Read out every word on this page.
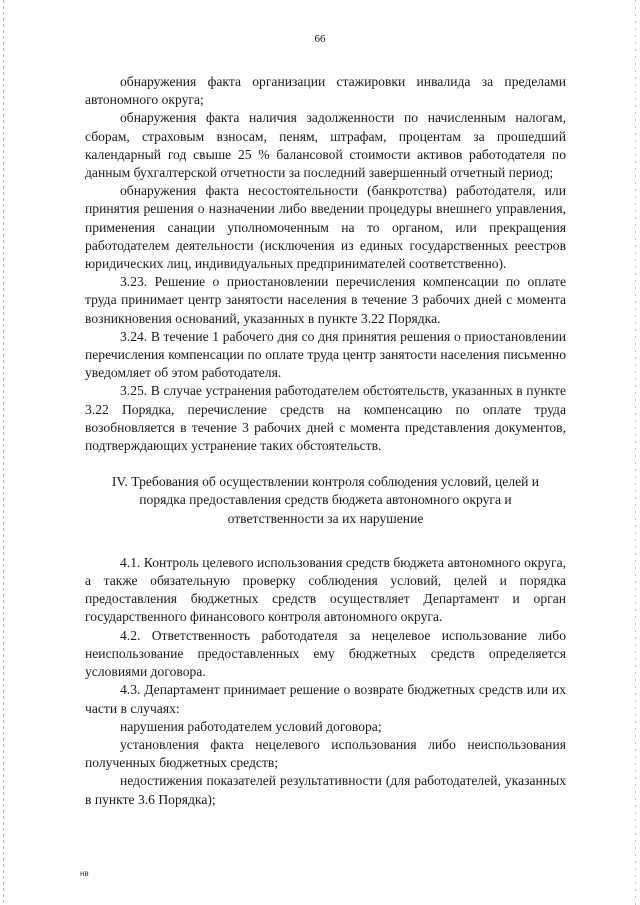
66

обнаружения факта организации стажировки инвалида за пределами автономного округа;

обнаружения факта наличия задолженности по начисленным налогам, сборам, страховым взносам, пеням, штрафам, процентам за прошедший календарный год свыше 25 % балансовой стоимости активов работодателя по данным бухгалтерской отчетности за последний завершенный отчетный период;

обнаружения факта несостоятельности (банкротства) работодателя, или принятия решения о назначении либо введении процедуры внешнего управления, применения санации уполномоченным на то органом, или прекращения работодателем деятельности (исключения из единых государственных реестров юридических лиц, индивидуальных предпринимателей соответственно).

3.23. Решение о приостановлении перечисления компенсации по оплате труда принимает центр занятости населения в течение 3 рабочих дней с момента возникновения оснований, указанных в пункте 3.22 Порядка.

3.24. В течение 1 рабочего дня со дня принятия решения о приостановлении перечисления компенсации по оплате труда центр занятости населения письменно уведомляет об этом работодателя.

3.25. В случае устранения работодателем обстоятельств, указанных в пункте 3.22 Порядка, перечисление средств на компенсацию по оплате труда возобновляется в течение 3 рабочих дней с момента представления документов, подтверждающих устранение таких обстоятельств.

IV. Требования об осуществлении контроля соблюдения условий, целей и
порядка предоставления средств бюджета автономного округа и
ответственности за их нарушение

4.1. Контроль целевого использования средств бюджета автономного округа, а также обязательную проверку соблюдения условий, целей и порядка предоставления бюджетных средств осуществляет Департамент и орган государственного финансового контроля автономного округа.

4.2. Ответственность работодателя за нецелевое использование либо неиспользование предоставленных ему бюджетных средств определяется условиями договора.

4.3. Департамент принимает решение о возврате бюджетных средств или их части в случаях:

нарушения работодателем условий договора;

установления факта нецелевого использования либо неиспользования полученных бюджетных средств;

недостижения показателей результативности (для работодателей, указанных в пункте 3.6 Порядка);

нв
